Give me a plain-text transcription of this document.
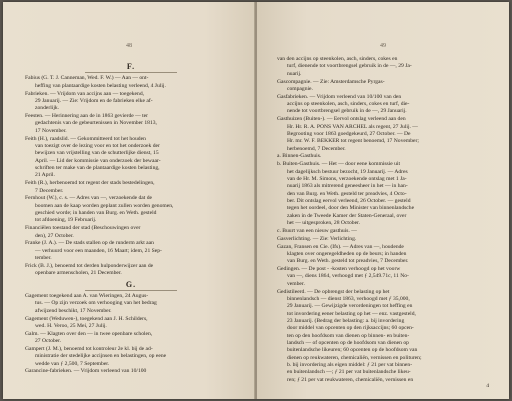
48
F.
Fabius (G. T. J. Canneman, Wed. F. W.) — Aan — ont-
heffing van plantaardige kosten belasting verleend, 4 Julij.
Fabrieken. — Vrijdom van accijns aan — toegekend,
29 Januarij. — Zie: Vrijdom en de fabrieken elke af-
zonderlijk.
Feesten. — Herinnering aan de in 1863 gevierde — ter
gedachtenis van de gebeurtenissen in November 1813,
17 November.
Feith (H.), raadslid. — Gekommitteerd tot het houden
van toezigt over de lezing voor en tot het onderzoek der
bewijzen van vrijstelling van de schutterlijke dienst, 15
April. — Lid der kommissie van onderzoek der bewaar-
schriften ter make van de plantaardige kosten belasting,
21 April.
Feith (R.), herbenoemd tot regent der stads bestedelingen,
7 December.
Fernhout (W.), c. s. — Adres van —, verzoekende dat de
boomen aan de kaap worden geplant zullen worden genomen,
geschied worde; in handen van Burg. en Weth. gesteld
tot afdoening, 19 Februarij.
Financiëlen toestand der stad (Beschouwingen over
den), 27 October.
Franke (J. A.). — De stads stallen op de runderm arkt aan
— verhuurd voor een maanden, 16 Maart; idem, 21 Sep-
tember.
Frick (B. J.), benoemd tot derden hulponderwijzer aan de
openbare armenscholen, 21 December.
G.
Gagement toegekend aan A. van Wieringen, 24 Augus-
tus. — Op zijn verzoek om verhooging van het bedrag
afwijzend beschikt, 17 November.
Gagement (Weduwen-), toegekend aan J. H. Schilders,
wed. H. Veroo, 25 Mei, 27 Julij.
Galm. — Klagten over den — in twee openbare scholen,
27 October.
Gampert (J. M.), benoemd tot kontroleur 2e kl. bij de ad-
ministratie der stedelijke accijnsen en belastingen, op eene
wedde van ƒ 2,500, 7 September.
Garancine-fabrieken. — Vrijdom verleend van 10/100
49
van den accijns op steenkolen, asch, sinders, cokes en
turf, dienende tot voortbrengsel gebruik in de —, 29 Ja-
nuarij.
Gascompagnie. — Zie: Amsterdamsche Pyrgas-
compagnie.
Gasfabrieken. — Vrijdom verleend van 10/100 van den
accijns op steenkolen, asch, sinders, cokes en turf, die-
nende tot voortbrengsel gebruik in de —, 29 Januarij.
Gasthuizen (Buiten-). — Eervol ontslag verleend aan den
Hr. Hr. R. A. PONS VAN ARCHEL als regent, 27 Julij. —
Begrooting voor 1863 goedgekeurd, 27 October. — De
Hr. mr. W. F. BEKKER tot regent benoemd, 17 November;
herbenoemd, 7 December.
a. Binnen-Gasthuis.
b. Buiten-Gasthuis. — Het — door eene kommissie uit
het dagelijksch bestuur bezocht, 19 Januarij. — Adres
van de Hr. M. Simons, verzoekende ontslag met 1 Ja-
nuarij 1863 als mitrerend geneesheer in het — in han-
den van Burg. en Weth. gesteld ter preadvies, 4 Octo-
ber. Dit ontslag eervol verleend, 26 October. — gesteld
tegen het oordeel, door den Minister van binnenlandsche
zaken in de Tweede Kamer der Staten-Generaal, over
het — uitgesproken, 28 October.
c. Buurt van een nieuw gasthuis. —
Gasverlichting. — Zie: Verlichting.
Gazan, Fransen en Cie. (Ifs). — Adres van —, houdende
klagten over ongeregeldheden op de beurs; in handen
van Burg. en Weth. gesteld tot preadvies, 7 December.
Gedingen. — De post - -kosten verhoogd op het voorw
van —, diens 1864, verhoogd met ƒ 2,549.71c, 11 No-
vember.
Gedistileerd. — De opbrengst der belasting op het
binnenlandsch — dienst 1863, verhoogd met ƒ 35,000,
29 Januarij. — Gewijzigde verordeningen tot heffing en
tot invordering eener belasting op het — enz. vastgesteld,
23 Januarij. (Bedrag der belasting: a. bij invordering
door middel van opcenten op den rijksaccijns; 60 opcen-
ten op den hoofdsom van dienen op binnen- en buiten-
landsch — of opcenten op de hoofdsom van dienen op
buitenlandsche likeuren; 60 opcenten op de hoofdsom van
dienen op reukwateren, chemicaliën, vernissen en polituren;
b. bij invordering als eigen middel: ƒ 21 per vat binnen-
en buitenlandsch —; ƒ 21 per vat buitenlandsche likeu-
ren; ƒ 21 per vat reukwateren, chemicaliën, vernissen en
4
